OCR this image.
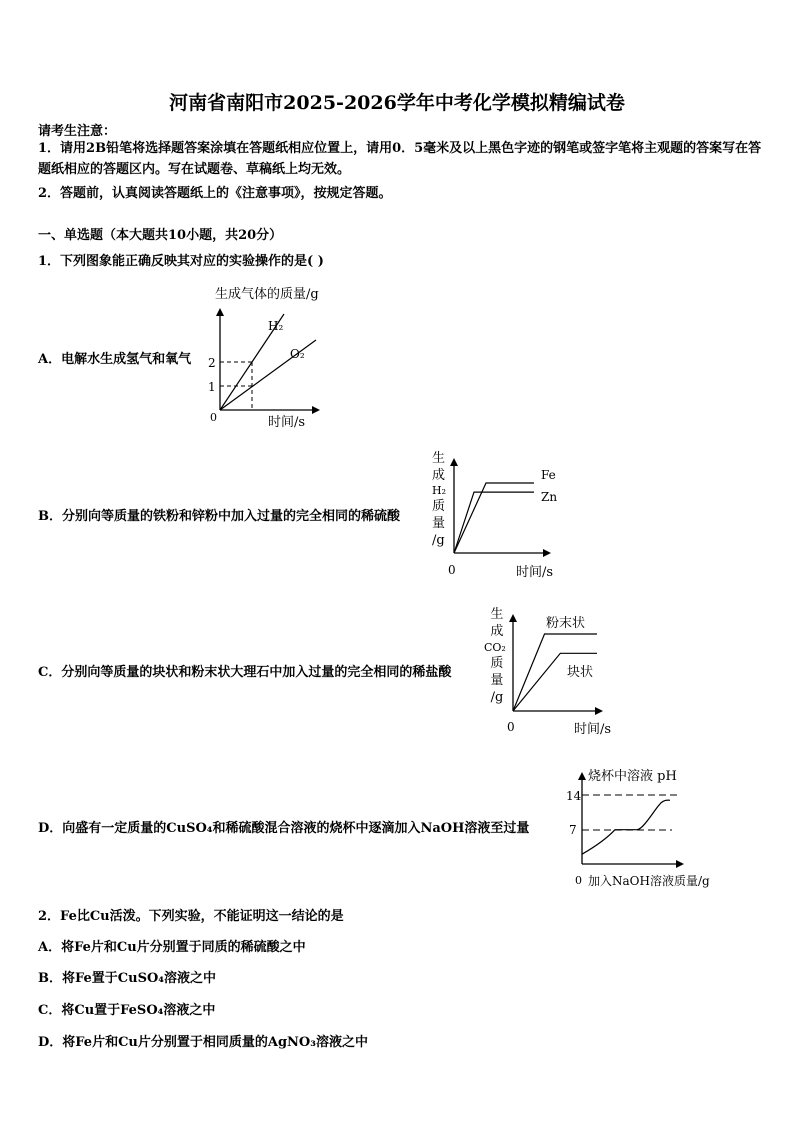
河南省南阳市2025-2026学年中考化学模拟精编试卷
请考生注意：
1．请用2B铅笔将选择题答案涂填在答题纸相应位置上，请用0．5毫米及以上黑色字迹的钢笔或签字笔将主观题的答案写在答题纸相应的答题区内。写在试题卷、草稿纸上均无效。
2．答题前，认真阅读答题纸上的《注意事项》，按规定答题。
一、单选题（本大题共10小题，共20分）
1．下列图象能正确反映其对应的实验操作的是( )
A．电解水生成氢气和氧气
生成气体的质量/g
H₂
O₂
2
1
0	时间/s
B．分别向等质量的铁粉和锌粉中加入过量的完全相同的稀硫酸
生 成 H₂ 质 量 /g
Fe
Zn
0	时间/s
C．分别向等质量的块状和粉末状大理石中加入过量的完全相同的稀盐酸
生 成 CO₂ 质 量 /g
粉末状
块状
0	时间/s
D．向盛有一定质量的CuSO₄和稀硫酸混合溶液的烧杯中逐滴加入NaOH溶液至过量
烧杯中溶液 pH
14
7
0 加入NaOH溶液质量/g
2．Fe比Cu活泼。下列实验，不能证明这一结论的是
A．将Fe片和Cu片分别置于同质的稀硫酸之中
B．将Fe置于CuSO₄溶液之中
C．将Cu置于FeSO₄溶液之中
D．将Fe片和Cu片分别置于相同质量的AgNO₃溶液之中
